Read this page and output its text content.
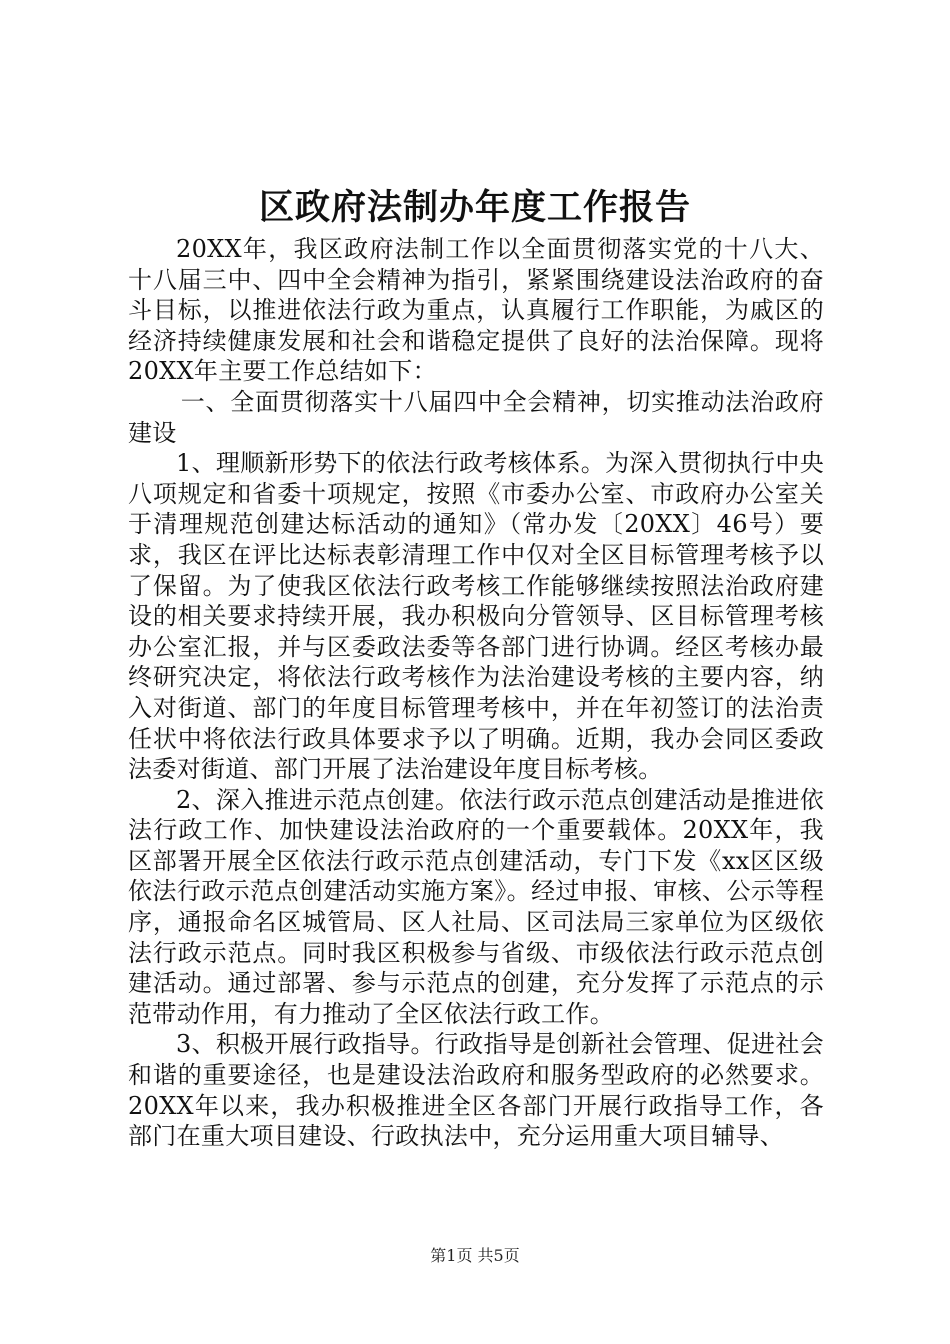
区政府法制办年度工作报告

20XX年，我区政府法制工作以全面贯彻落实党的十八大、十八届三中、四中全会精神为指引，紧紧围绕建设法治政府的奋斗目标，以推进依法行政为重点，认真履行工作职能，为戚区的经济持续健康发展和社会和谐稳定提供了良好的法治保障。现将20XX年主要工作总结如下：

一、全面贯彻落实十八届四中全会精神，切实推动法治政府建设

1、理顺新形势下的依法行政考核体系。为深入贯彻执行中央八项规定和省委十项规定，按照《市委办公室、市政府办公室关于清理规范创建达标活动的通知》（常办发〔20XX〕46号）要求，我区在评比达标表彰清理工作中仅对全区目标管理考核予以了保留。为了使我区依法行政考核工作能够继续按照法治政府建设的相关要求持续开展，我办积极向分管领导、区目标管理考核办公室汇报，并与区委政法委等各部门进行协调。经区考核办最终研究决定，将依法行政考核作为法治建设考核的主要内容，纳入对街道、部门的年度目标管理考核中，并在年初签订的法治责任状中将依法行政具体要求予以了明确。近期，我办会同区委政法委对街道、部门开展了法治建设年度目标考核。

2、深入推进示范点创建。依法行政示范点创建活动是推进依法行政工作、加快建设法治政府的一个重要载体。20XX年，我区部署开展全区依法行政示范点创建活动，专门下发《xx区区级依法行政示范点创建活动实施方案》。经过申报、审核、公示等程序，通报命名区城管局、区人社局、区司法局三家单位为区级依法行政示范点。同时我区积极参与省级、市级依法行政示范点创建活动。通过部署、参与示范点的创建，充分发挥了示范点的示范带动作用，有力推动了全区依法行政工作。

3、积极开展行政指导。行政指导是创新社会管理、促进社会和谐的重要途径，也是建设法治政府和服务型政府的必然要求。20XX年以来，我办积极推进全区各部门开展行政指导工作，各部门在重大项目建设、行政执法中，充分运用重大项目辅导、

第1页 共5页
